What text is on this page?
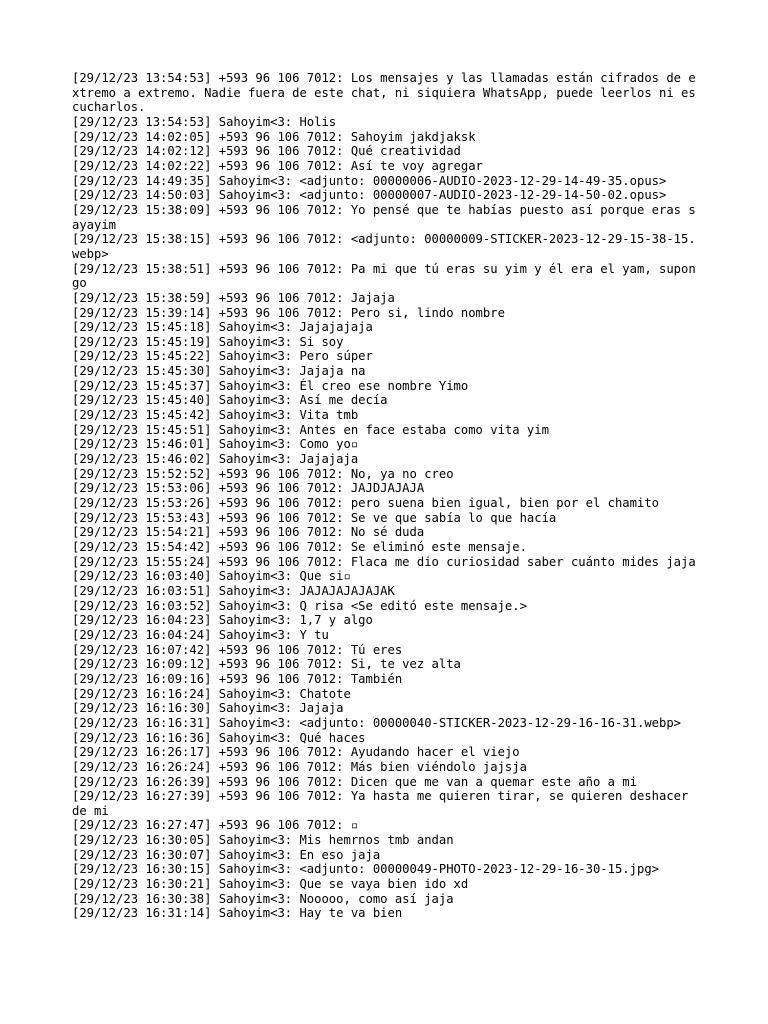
[29/12/23 13:54:53] +593 96 106 7012: Los mensajes y las llamadas están cifrados de extremo a extremo. Nadie fuera de este chat, ni siquiera WhatsApp, puede leerlos ni escucharlos.
[29/12/23 13:54:53] Sahoyim<3: Holis
[29/12/23 14:02:05] +593 96 106 7012: Sahoyim jakdjaksk
[29/12/23 14:02:12] +593 96 106 7012: Qué creatividad
[29/12/23 14:02:22] +593 96 106 7012: Así te voy agregar
[29/12/23 14:49:35] Sahoyim<3: <adjunto: 00000006-AUDIO-2023-12-29-14-49-35.opus>
[29/12/23 14:50:03] Sahoyim<3: <adjunto: 00000007-AUDIO-2023-12-29-14-50-02.opus>
[29/12/23 15:38:09] +593 96 106 7012: Yo pensé que te habías puesto así porque eras sayayim
[29/12/23 15:38:15] +593 96 106 7012: <adjunto: 00000009-STICKER-2023-12-29-15-38-15.webp>
[29/12/23 15:38:51] +593 96 106 7012: Pa mi que tú eras su yim y él era el yam, supongo
[29/12/23 15:38:59] +593 96 106 7012: Jajaja
[29/12/23 15:39:14] +593 96 106 7012: Pero si, lindo nombre
[29/12/23 15:45:18] Sahoyim<3: Jajajajaja
[29/12/23 15:45:19] Sahoyim<3: Si soy
[29/12/23 15:45:22] Sahoyim<3: Pero súper
[29/12/23 15:45:30] Sahoyim<3: Jajaja na
[29/12/23 15:45:37] Sahoyim<3: Él creo ese nombre Yimo
[29/12/23 15:45:40] Sahoyim<3: Así me decía
[29/12/23 15:45:42] Sahoyim<3: Vita tmb
[29/12/23 15:45:51] Sahoyim<3: Antes en face estaba como vita yim
[29/12/23 15:46:01] Sahoyim<3: Como yo▫
[29/12/23 15:46:02] Sahoyim<3: Jajajaja
[29/12/23 15:52:52] +593 96 106 7012: No, ya no creo
[29/12/23 15:53:06] +593 96 106 7012: JAJDJAJAJA
[29/12/23 15:53:26] +593 96 106 7012: pero suena bien igual, bien por el chamito
[29/12/23 15:53:43] +593 96 106 7012: Se ve que sabía lo que hacía
[29/12/23 15:54:21] +593 96 106 7012: No sé duda
[29/12/23 15:54:42] +593 96 106 7012: Se eliminó este mensaje.
[29/12/23 15:55:24] +593 96 106 7012: Flaca me dio curiosidad saber cuánto mides jaja
[29/12/23 16:03:40] Sahoyim<3: Que si▫
[29/12/23 16:03:51] Sahoyim<3: JAJAJAJAJAJAK
[29/12/23 16:03:52] Sahoyim<3: Q risa <Se editó este mensaje.>
[29/12/23 16:04:23] Sahoyim<3: 1,7 y algo
[29/12/23 16:04:24] Sahoyim<3: Y tu
[29/12/23 16:07:42] +593 96 106 7012: Tú eres
[29/12/23 16:09:12] +593 96 106 7012: Si, te vez alta
[29/12/23 16:09:16] +593 96 106 7012: También
[29/12/23 16:16:24] Sahoyim<3: Chatote
[29/12/23 16:16:30] Sahoyim<3: Jajaja
[29/12/23 16:16:31] Sahoyim<3: <adjunto: 00000040-STICKER-2023-12-29-16-16-31.webp>
[29/12/23 16:16:36] Sahoyim<3: Qué haces
[29/12/23 16:26:17] +593 96 106 7012: Ayudando hacer el viejo
[29/12/23 16:26:24] +593 96 106 7012: Más bien viéndolo jajsja
[29/12/23 16:26:39] +593 96 106 7012: Dicen que me van a quemar este año a mi
[29/12/23 16:27:39] +593 96 106 7012: Ya hasta me quieren tirar, se quieren deshacer de mi
[29/12/23 16:27:47] +593 96 106 7012: ▫
[29/12/23 16:30:05] Sahoyim<3: Mis hemrnos tmb andan
[29/12/23 16:30:07] Sahoyim<3: En eso jaja
[29/12/23 16:30:15] Sahoyim<3: <adjunto: 00000049-PHOTO-2023-12-29-16-30-15.jpg>
[29/12/23 16:30:21] Sahoyim<3: Que se vaya bien ido xd
[29/12/23 16:30:38] Sahoyim<3: Nooooo, como así jaja
[29/12/23 16:31:14] Sahoyim<3: Hay te va bien
